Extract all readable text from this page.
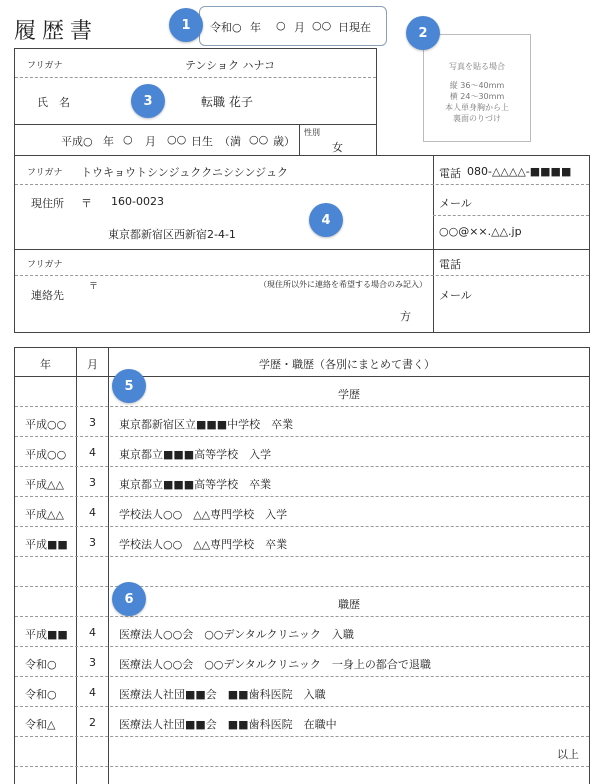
履歴書	令和○ 年 ○ 月 ○○ 日現在
写真を貼る場合
縦 36〜40mm
横 24〜30mm
本人単身胸から上
裏面のりづけ
フリガナ	テンショク ハナコ
氏　名	転職 花子
平成○ 年 ○ 月 ○○ 日生 （満 ○○ 歳）
性別
女
フリガナ トウキョウトシンジュククニシシンジュク
現住所 〒 160-0023
東京都新宿区西新宿2-4-1
電話 080-△△△△-■■■■
メール
○○@××.△△.jp
フリガナ	電話
連絡先
〒	（現住所以外に連絡を希望する場合のみ記入）
方
メール
年	月	学歴・職歴（各別にまとめて書く）
学歴
平成○○ 3 東京都新宿区立■■■中学校　卒業
平成○○ 4 東京都立■■■高等学校　入学
平成△△ 3 東京都立■■■高等学校　卒業
平成△△ 4 学校法人○○　△△専門学校　入学
平成■■ 3 学校法人○○　△△専門学校　卒業
職歴
平成■■ 4 医療法人○○会　○○デンタルクリニック　入職
令和○	3 医療法人○○会　○○デンタルクリニック　一身上の都合で退職
令和○	4 医療法人社団■■会　■■歯科医院　入職
令和△	2 医療法人社団■■会　■■歯科医院　在職中
以上
1
2
3
4
5
6
